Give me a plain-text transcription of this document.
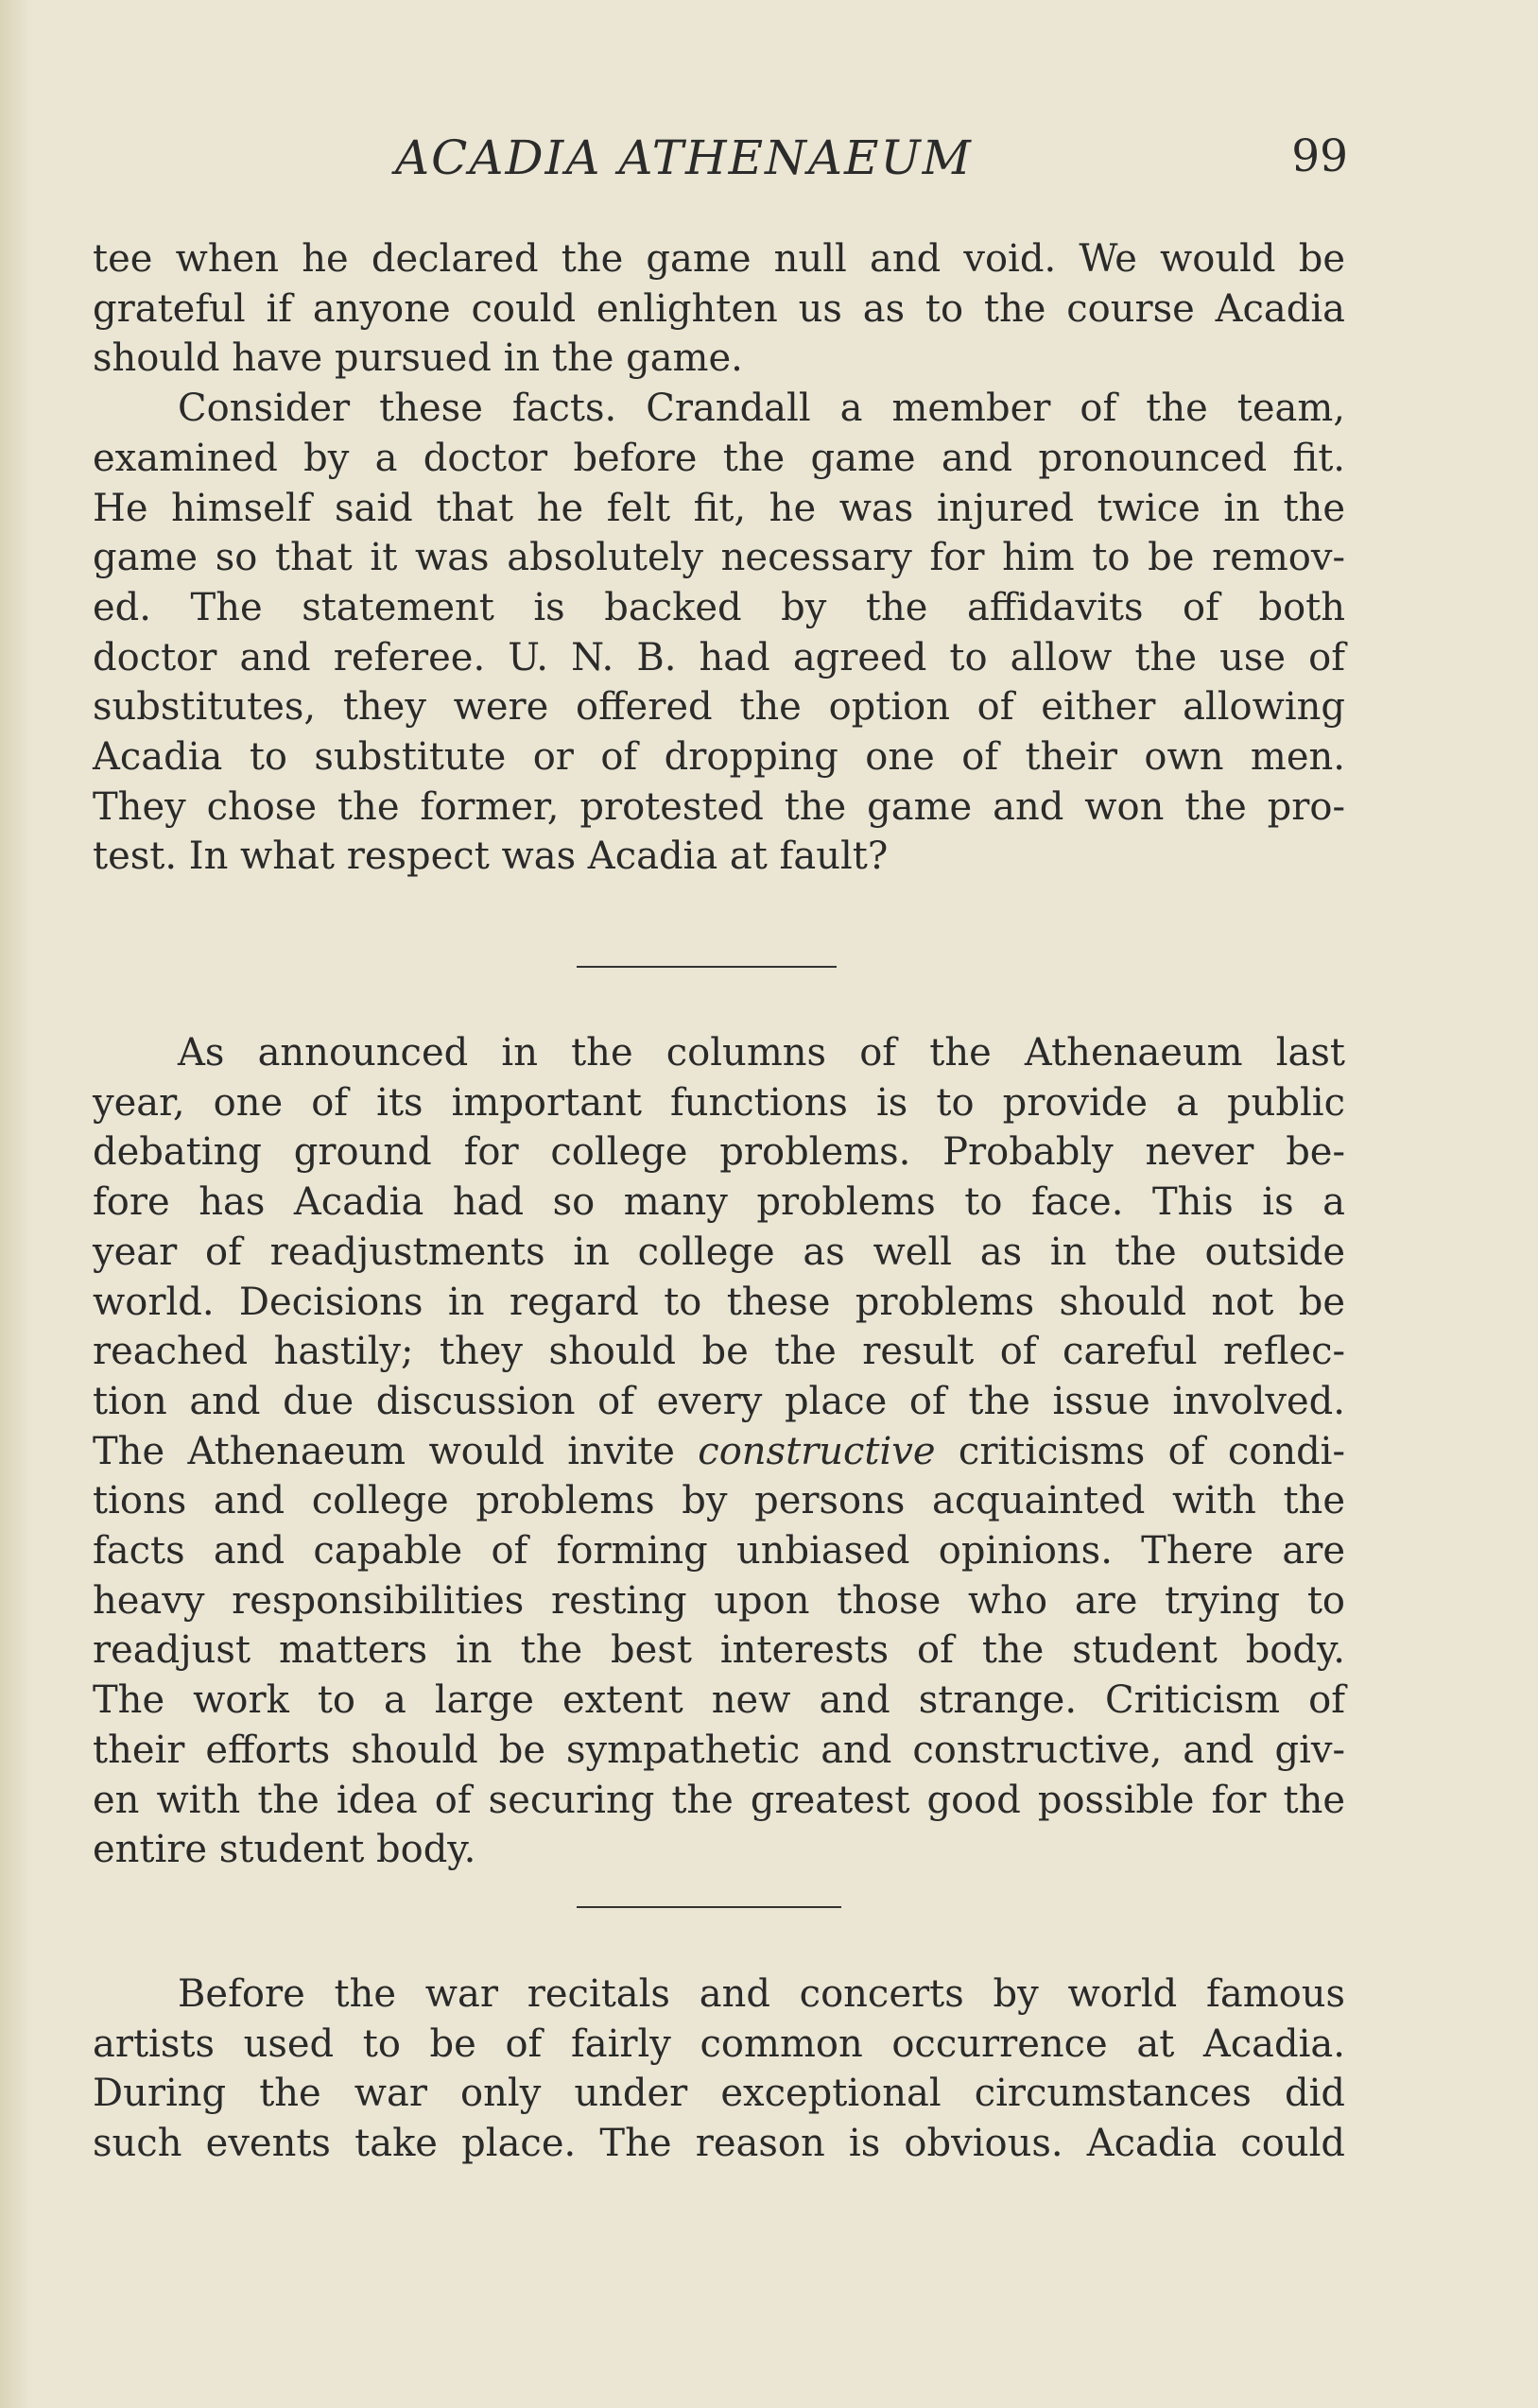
ACADIA ATHENAEUM	99
tee when he declared the game null and void. We would be
grateful if anyone could enlighten us as to the course Acadia
should have pursued in the game.
Consider these facts. Crandall a member of the team,
examined by a doctor before the game and pronounced fit.
He himself said that he felt fit, he was injured twice in the
game so that it was absolutely necessary for him to be remov-
ed. The statement is backed by the affidavits of both
doctor and referee. U. N. B. had agreed to allow the use of
substitutes, they were offered the option of either allowing
Acadia to substitute or of dropping one of their own men.
They chose the former, protested the game and won the pro-
test. In what respect was Acadia at fault?
As announced in the columns of the Athenaeum last
year, one of its important functions is to provide a public
debating ground for college problems. Probably never be-
fore has Acadia had so many problems to face. This is a
year of readjustments in college as well as in the outside
world. Decisions in regard to these problems should not be
reached hastily; they should be the result of careful reflec-
tion and due discussion of every place of the issue involved.
The Athenaeum would invite constructive criticisms of condi-
tions and college problems by persons acquainted with the
facts and capable of forming unbiased opinions. There are
heavy responsibilities resting upon those who are trying to
readjust matters in the best interests of the student body.
The work to a large extent new and strange. Criticism of
their efforts should be sympathetic and constructive, and giv-
en with the idea of securing the greatest good possible for the
entire student body.
Before the war recitals and concerts by world famous
artists used to be of fairly common occurrence at Acadia.
During the war only under exceptional circumstances did
such events take place. The reason is obvious. Acadia could
